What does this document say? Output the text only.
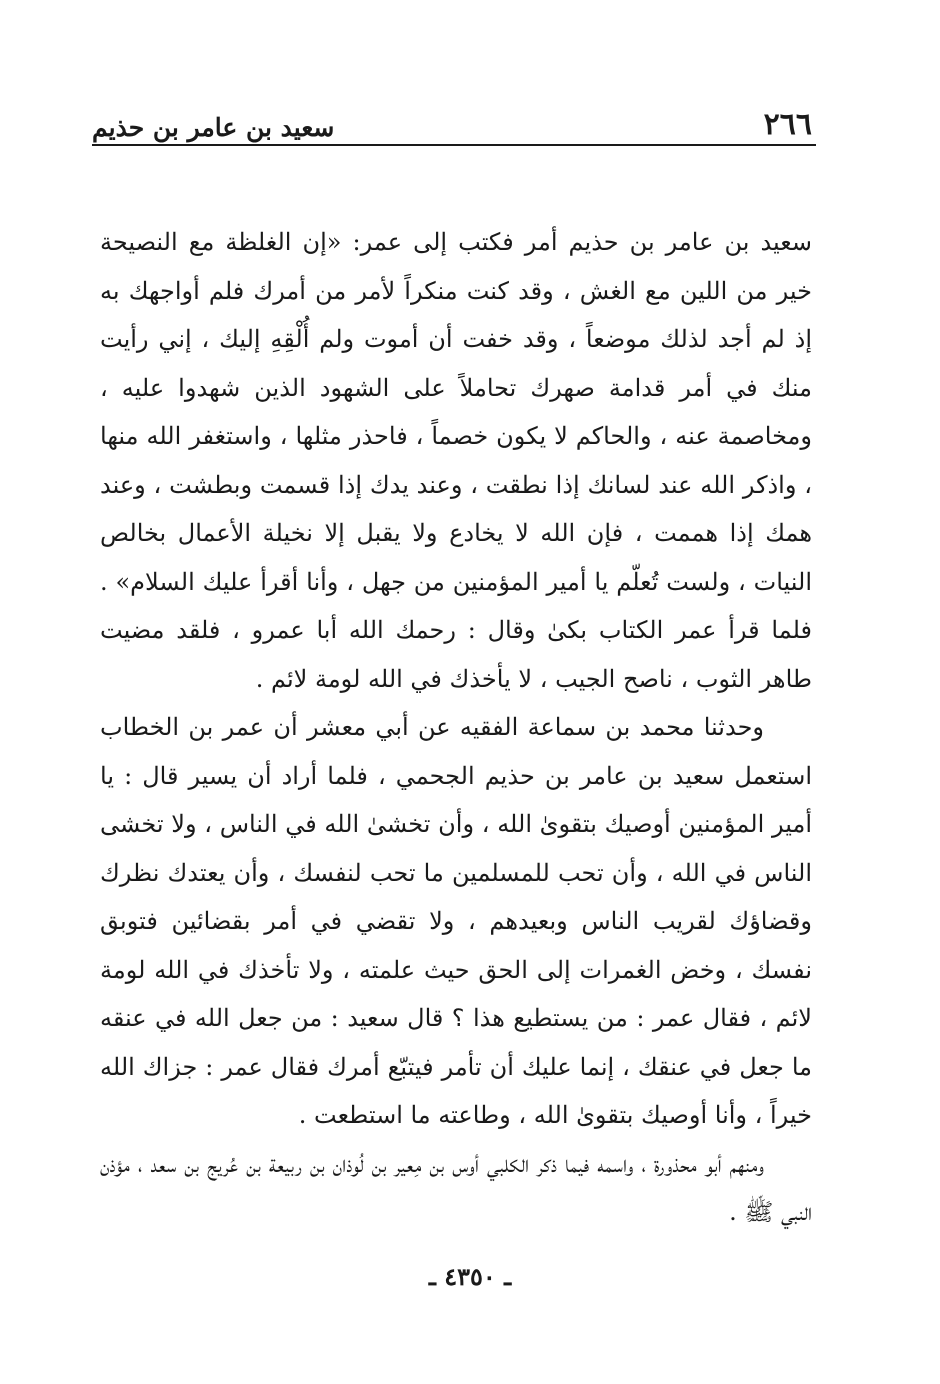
٢٦٦
سعيد بن عامر بن حذيم

سعيد بن عامر بن حذيم أمر فكتب إلى عمر: «إن الغلظة مع النصيحة خير من اللين مع الغش ، وقد كنت منكراً لأمر من أمرك فلم أواجهك به إذ لم أجد لذلك موضعاً ، وقد خفت أن أموت ولم أُلْقِهِ إليك ، إني رأيت منك في أمر قدامة صهرك تحاملاً على الشهود الذين شهدوا عليه ، ومخاصمة عنه ، والحاكم لا يكون خصماً ، فاحذر مثلها ، واستغفر الله منها ، واذكر الله عند لسانك إذا نطقت ، وعند يدك إذا قسمت وبطشت ، وعند همك إذا هممت ، فإن الله لا يخادع ولا يقبل إلا نخيلة الأعمال بخالص النيات ، ولست تُعلّم يا أمير المؤمنين من جهل ، وأنا أقرأ عليك السلام» . فلما قرأ عمر الكتاب بكىٰ وقال : رحمك الله أبا عمرو ، فلقد مضيت طاهر الثوب ، ناصح الجيب ، لا يأخذك في الله لومة لائم .

وحدثنا محمد بن سماعة الفقيه عن أبي معشر أن عمر بن الخطاب استعمل سعيد بن عامر بن حذيم الجحمي ، فلما أراد أن يسير قال : يا أمير المؤمنين أوصيك بتقوىٰ الله ، وأن تخشىٰ الله في الناس ، ولا تخشى الناس في الله ، وأن تحب للمسلمين ما تحب لنفسك ، وأن يعتدك نظرك وقضاؤك لقريب الناس وبعيدهم ، ولا تقضي في أمر بقضائين فتوبق نفسك ، وخض الغمرات إلى الحق حيث علمته ، ولا تأخذك في الله لومة لائم ، فقال عمر : من يستطيع هذا ؟ قال سعيد : من جعل الله في عنقه ما جعل في عنقك ، إنما عليك أن تأمر فيتبّع أمرك فقال عمر : جزاك الله خيراً ، وأنا أوصيك بتقوىٰ الله ، وطاعته ما استطعت .

ومنهم أبو محذورة ، واسمه فيما ذكر الكلبي أوس بن مِعير بن لُوذان بن ربيعة بن عُريج بن سعد ، مؤذن النبي ﷺ .

ـ ٤٣٥٠ ـ
